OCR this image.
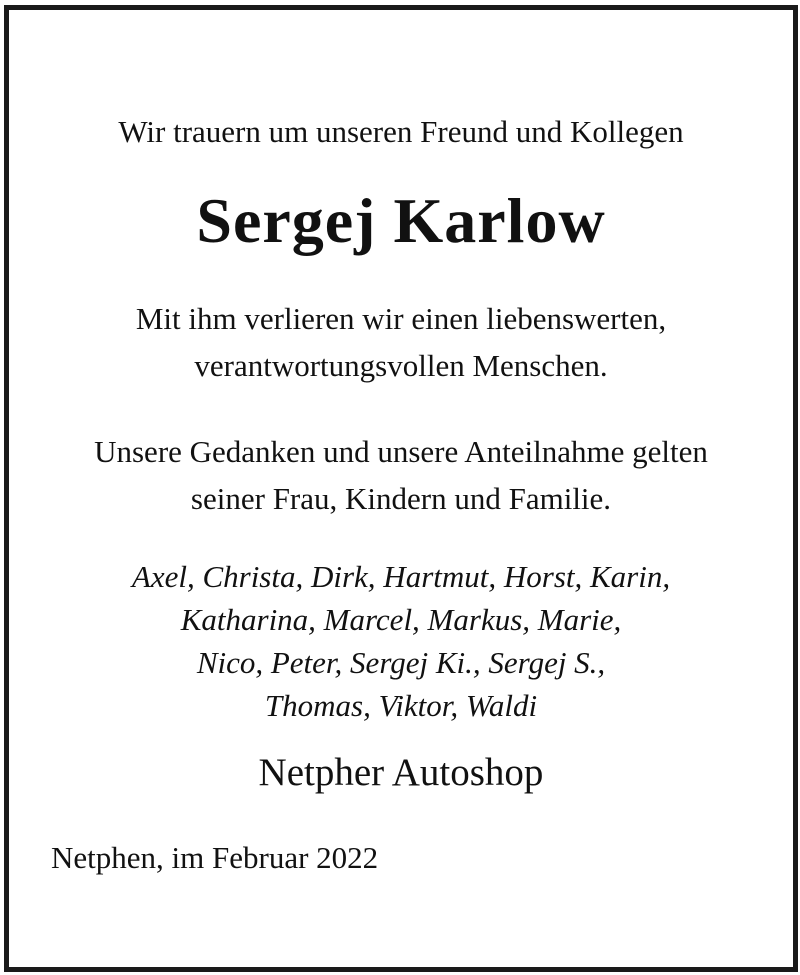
Wir trauern um unseren Freund und Kollegen
Sergej Karlow
Mit ihm verlieren wir einen liebenswerten,
verantwortungsvollen Menschen.
Unsere Gedanken und unsere Anteilnahme gelten
seiner Frau, Kindern und Familie.
Axel, Christa, Dirk, Hartmut, Horst, Karin,
Katharina, Marcel, Markus, Marie,
Nico, Peter, Sergej Ki., Sergej S.,
Thomas, Viktor, Waldi
Netpher Autoshop
Netphen, im Februar 2022
